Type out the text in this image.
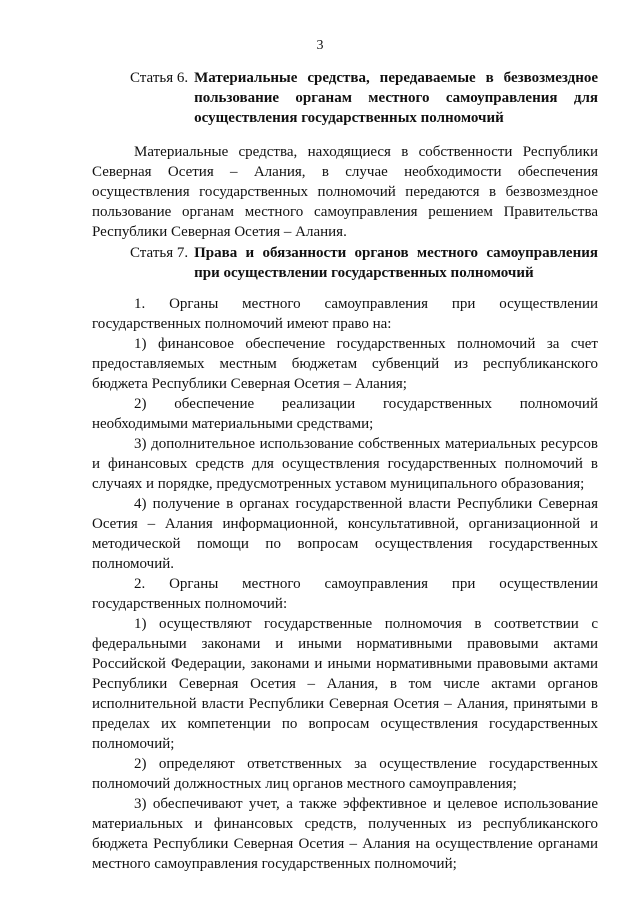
3
Статья 6. Материальные средства, передаваемые в безвозмездное пользование органам местного самоуправления для осуществления государственных полномочий

Материальные средства, находящиеся в собственности Республики Северная Осетия – Алания, в случае необходимости обеспечения осуществления государственных полномочий передаются в безвозмездное пользование органам местного самоуправления решением Правительства Республики Северная Осетия – Алания.

Статья 7. Права и обязанности органов местного самоуправления при осуществлении государственных полномочий

1. Органы местного самоуправления при осуществлении государственных полномочий имеют право на:

1) финансовое обеспечение государственных полномочий за счет предоставляемых местным бюджетам субвенций из республиканского бюджета Республики Северная Осетия – Алания;

2) обеспечение реализации государственных полномочий необходимыми материальными средствами;

3) дополнительное использование собственных материальных ресурсов и финансовых средств для осуществления государственных полномочий в случаях и порядке, предусмотренных уставом муниципального образования;

4) получение в органах государственной власти Республики Северная Осетия – Алания информационной, консультативной, организационной и методической помощи по вопросам осуществления государственных полномочий.

2. Органы местного самоуправления при осуществлении государственных полномочий:

1) осуществляют государственные полномочия в соответствии с федеральными законами и иными нормативными правовыми актами Российской Федерации, законами и иными нормативными правовыми актами Республики Северная Осетия – Алания, в том числе актами органов исполнительной власти Республики Северная Осетия – Алания, принятыми в пределах их компетенции по вопросам осуществления государственных полномочий;

2) определяют ответственных за осуществление государственных полномочий должностных лиц органов местного самоуправления;

3) обеспечивают учет, а также эффективное и целевое использование материальных и финансовых средств, полученных из республиканского бюджета Республики Северная Осетия – Алания на осуществление органами местного самоуправления государственных полномочий;
